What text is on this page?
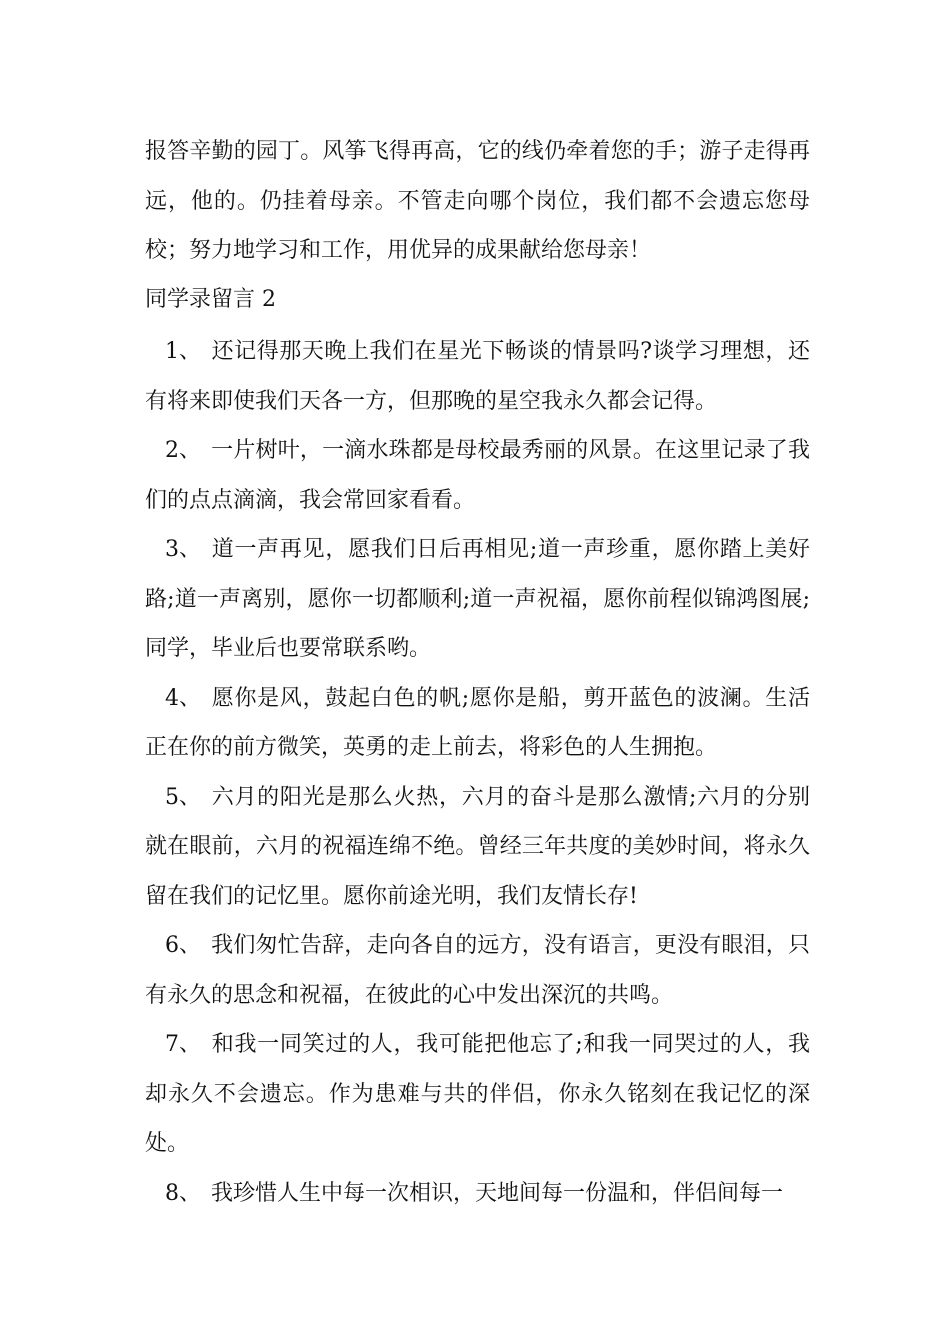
报答辛勤的园丁。风筝飞得再高，它的线仍牵着您的手；游子走得再远，他的。仍挂着母亲。不管走向哪个岗位，我们都不会遗忘您母校；努力地学习和工作，用优异的成果献给您母亲！

同学录留言 2
1、 还记得那天晚上我们在星光下畅谈的情景吗?谈学习理想，还有将来即使我们天各一方，但那晚的星空我永久都会记得。
2、 一片树叶，一滴水珠都是母校最秀丽的风景。在这里记录了我们的点点滴滴，我会常回家看看。
3、 道一声再见，愿我们日后再相见;道一声珍重，愿你踏上美好路;道一声离别，愿你一切都顺利;道一声祝福，愿你前程似锦鸿图展;同学，毕业后也要常联系哟。
4、 愿你是风，鼓起白色的帆;愿你是船，剪开蓝色的波澜。生活正在你的前方微笑，英勇的走上前去，将彩色的人生拥抱。
5、 六月的阳光是那么火热，六月的奋斗是那么激情;六月的分别就在眼前，六月的祝福连绵不绝。曾经三年共度的美妙时间，将永久留在我们的记忆里。愿你前途光明，我们友情长存!
6、 我们匆忙告辞，走向各自的远方，没有语言，更没有眼泪，只有永久的思念和祝福，在彼此的心中发出深沉的共鸣。
7、 和我一同笑过的人，我可能把他忘了;和我一同哭过的人，我却永久不会遗忘。作为患难与共的伴侣，你永久铭刻在我记忆的深处。
8、 我珍惜人生中每一次相识，天地间每一份温和，伴侣间每一
